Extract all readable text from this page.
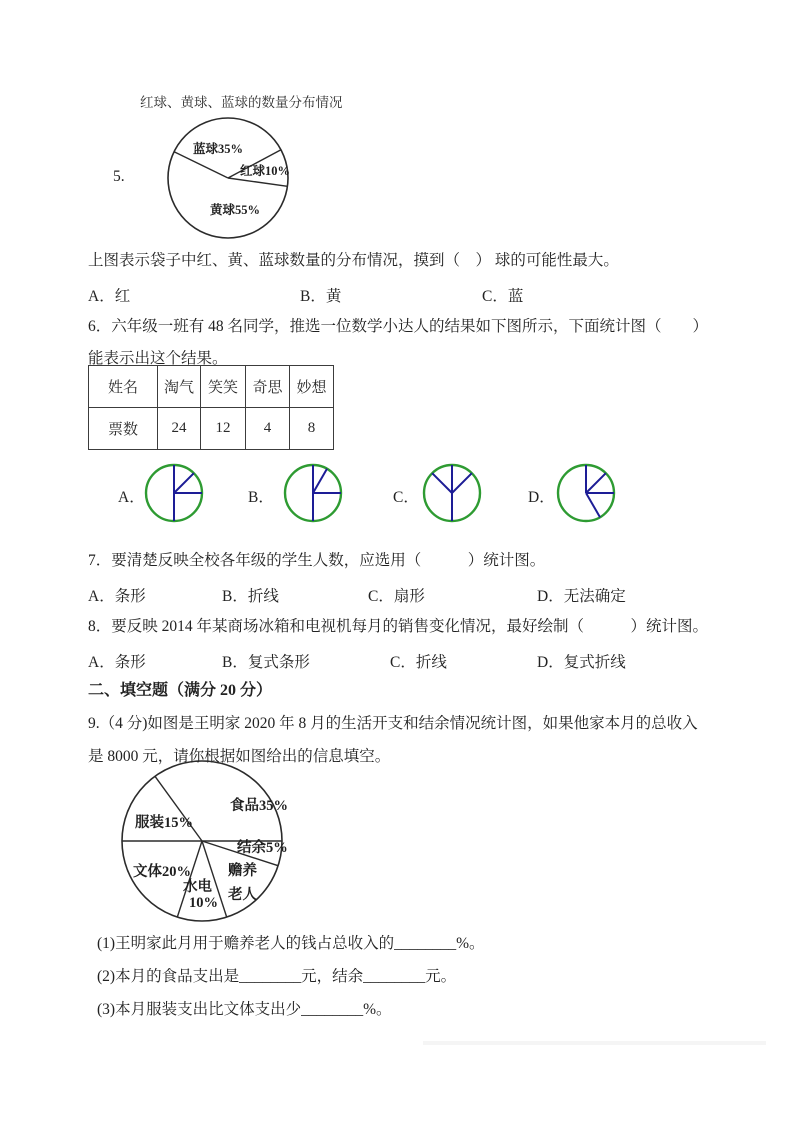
红球、黄球、蓝球的数量分布情况
5.
蓝球35%
红球10%
黄球55%
上图表示袋子中红、黄、蓝球数量的分布情况，摸到（　） 球的可能性最大。
A．红	B．黄	C．蓝
6．六年级一班有 48 名同学，推选一位数学小达人的结果如下图所示，下面统计图（　　）
能表示出这个结果。
姓名	淘气	笑笑	奇思	妙想
票数	24	12	4	8
A．	B．	C．	D．
7．要清楚反映全校各年级的学生人数，应选用（　　　）统计图。
A．条形	B．折线	C．扇形	D．无法确定
8．要反映 2014 年某商场冰箱和电视机每月的销售变化情况，最好绘制（　　　）统计图。
A．条形	B．复式条形	C．折线	D．复式折线
二、填空题（满分 20 分）
9.（4 分)如图是王明家 2020 年 8 月的生活开支和结余情况统计图，如果他家本月的总收入
是 8000 元，请你根据如图给出的信息填空。
食品35%
服装15%
文体20%
水电
10%
赡养
老人
结余5%
(1)王明家此月用于赡养老人的钱占总收入的________%。
(2)本月的食品支出是________元，结余________元。
(3)本月服装支出比文体支出少________%。
